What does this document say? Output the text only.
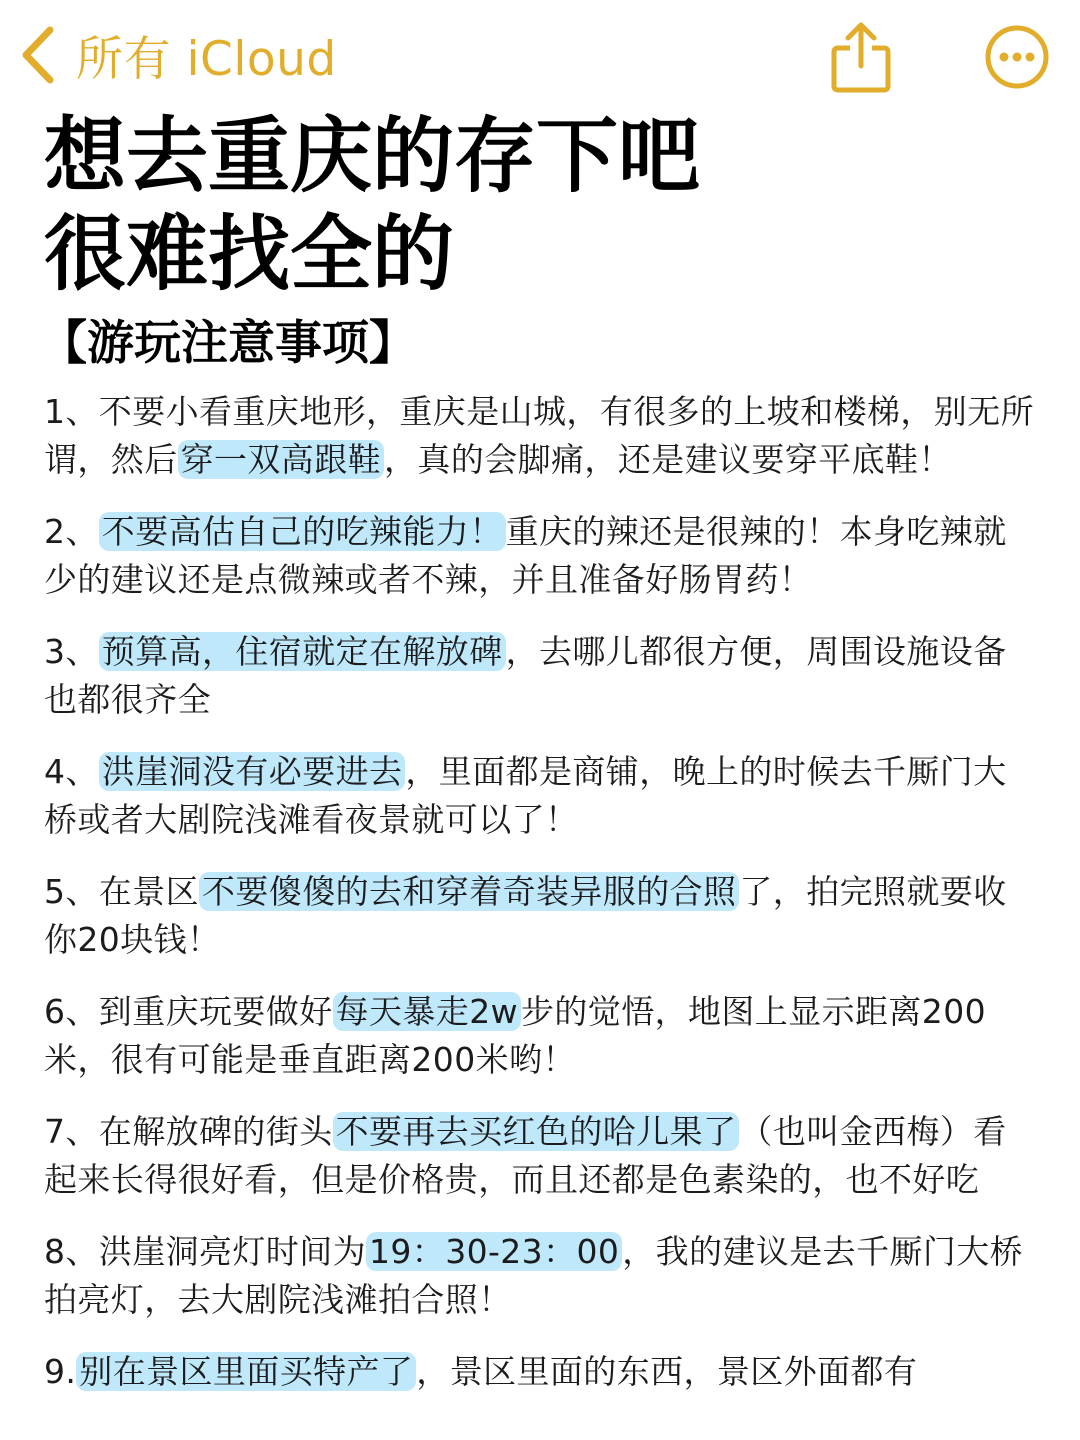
所有 iCloud
想去重庆的存下吧
很难找全的
【游玩注意事项】

1、不要小看重庆地形，重庆是山城，有很多的上坡和楼梯，别无所谓，然后穿一双高跟鞋，真的会脚痛，还是建议要穿平底鞋！

2、不要高估自己的吃辣能力！重庆的辣还是很辣的！本身吃辣就少的建议还是点微辣或者不辣，并且准备好肠胃药！

3、预算高，住宿就定在解放碑，去哪儿都很方便，周围设施设备也都很齐全

4、洪崖洞没有必要进去，里面都是商铺，晚上的时候去千厮门大桥或者大剧院浅滩看夜景就可以了！

5、在景区不要傻傻的去和穿着奇装异服的合照了，拍完照就要收你20块钱！

6、到重庆玩要做好每天暴走2w步的觉悟，地图上显示距离200米，很有可能是垂直距离200米哟！

7、在解放碑的街头不要再去买红色的哈儿果了（也叫金西梅）看起来长得很好看，但是价格贵，而且还都是色素染的，也不好吃

8、洪崖洞亮灯时间为19：30-23：00，我的建议是去千厮门大桥拍亮灯，去大剧院浅滩拍合照！

9.别在景区里面买特产了，景区里面的东西，景区外面都有
